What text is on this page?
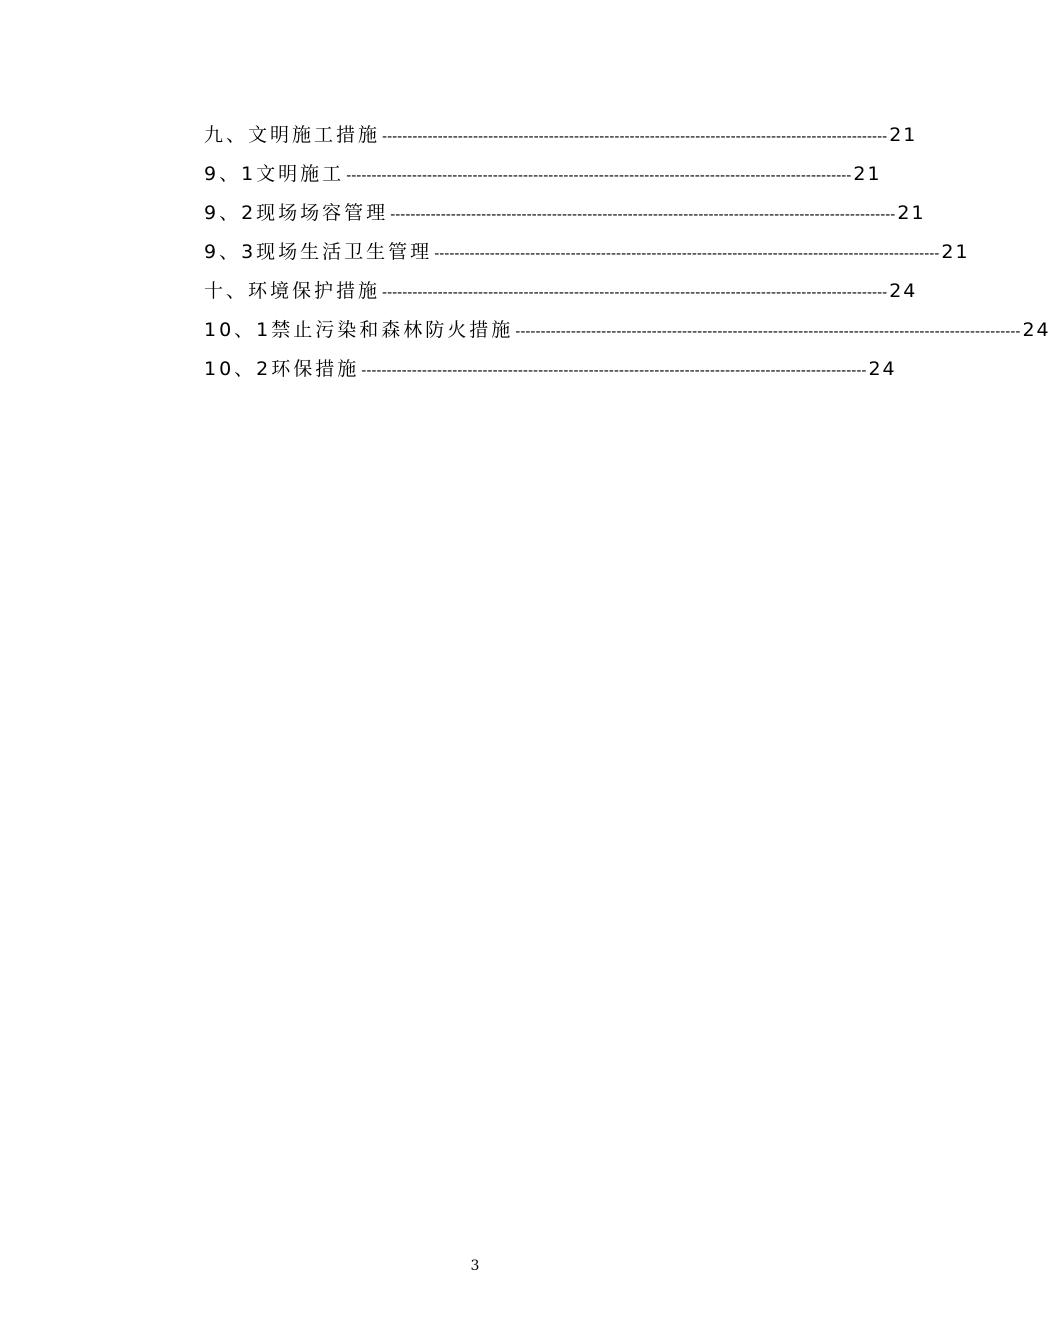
九、文明施工措施 ---------------------------------------------------------------------------------------------------- 21
9、1文明施工 ---------------------------------------------------------------------------------------------------- 21
9、2现场场容管理 ---------------------------------------------------------------------------------------------------- 21
9、3现场生活卫生管理 ---------------------------------------------------------------------------------------------------- 21
十、环境保护措施 ---------------------------------------------------------------------------------------------------- 24
10、1禁止污染和森林防火措施 ---------------------------------------------------------------------------------------------------- 24
10、2环保措施 ---------------------------------------------------------------------------------------------------- 24
3
